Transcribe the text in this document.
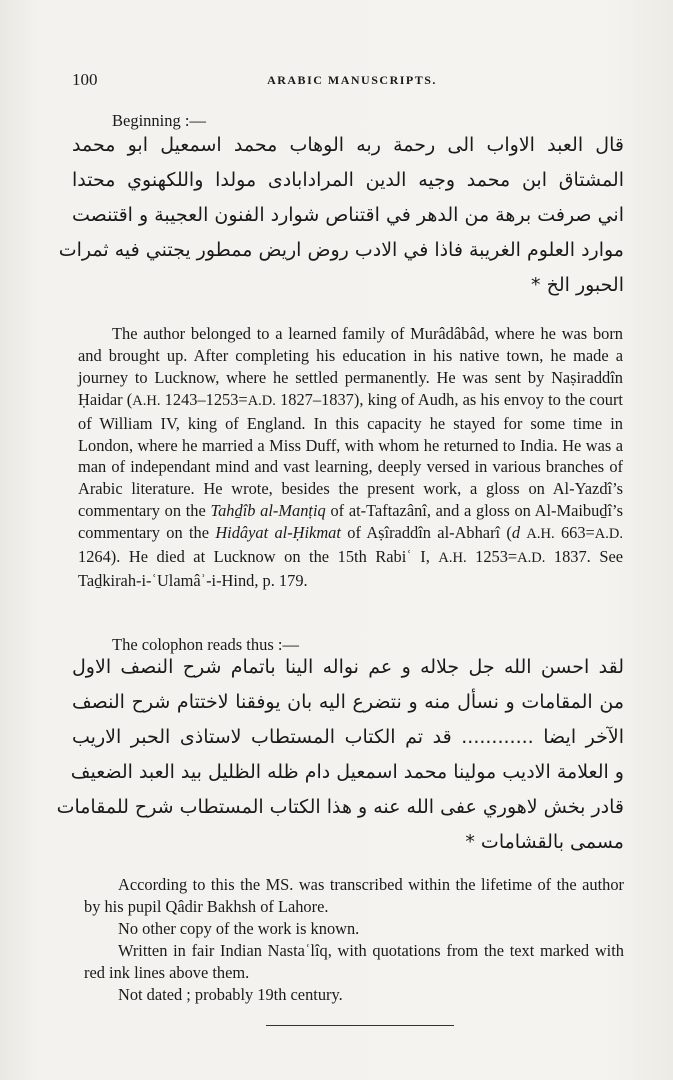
100	ARABIC MANUSCRIPTS.
Beginning :—
قال العبد الاواب الى رحمة ربه الوهاب محمد اسمعيل ابو محمد
المشتاق ابن محمد وجيه الدين المرادابادى مولدا واللكهنوي محتدا
اني صرفت برهة من الدهر في اقتناص شوارد الفنون العجيبة و اقتنصت
موارد العلوم الغريبة فاذا في الادب روض اريض ممطور يجتني فيه ثمرات
الحبور الخ *

The author belonged to a learned family of Murâdâbâd, where he was born and brought up. After completing his education in his native town, he made a journey to Lucknow, where he settled permanently. He was sent by Naṣiraddîn Ḥaidar (A.H. 1243–1253=A.D. 1827–1837), king of Audh, as his envoy to the court of William IV, king of England. In this capacity he stayed for some time in London, where he married a Miss Duff, with whom he returned to India. He was a man of independant mind and vast learning, deeply versed in various branches of Arabic literature. He wrote, besides the present work, a gloss on Al-Yazdî’s commentary on the Tahḏîb al-Manṭiq of at-Taftazânî, and a gloss on Al-Maibuḏî’s commentary on the Hidâyat al-Ḥikmat of Aṣîraddîn al-Abharî (d A.H. 663=A.D. 1264). He died at Lucknow on the 15th Rabiʿ I, A.H. 1253=A.D. 1837. See Taḏkirah-i-ʿUlamâʾ-i-Hind, p. 179.

The colophon reads thus :—
لقد احسن الله جل جلاله و عم نواله الينا باتمام شرح النصف الاول
من المقامات و نسأل منه و نتضرع اليه بان يوفقنا لاختتام شرح النصف
الآخر ايضا ............ قد تم الكتاب المستطاب لاستاذى الحبر الاريب
و العلامة الاديب مولينا محمد اسمعيل دام ظله الظليل بيد العبد الضعيف
قادر بخش لاهوري عفى الله عنه و هذا الكتاب المستطاب شرح للمقامات
مسمى بالقشامات *

According to this the MS. was transcribed within the lifetime of the author by his pupil Qâdir Bakhsh of Lahore.

No other copy of the work is known.

Written in fair Indian Nastaʿlîq, with quotations from the text marked with red ink lines above them.

Not dated ; probably 19th century.
